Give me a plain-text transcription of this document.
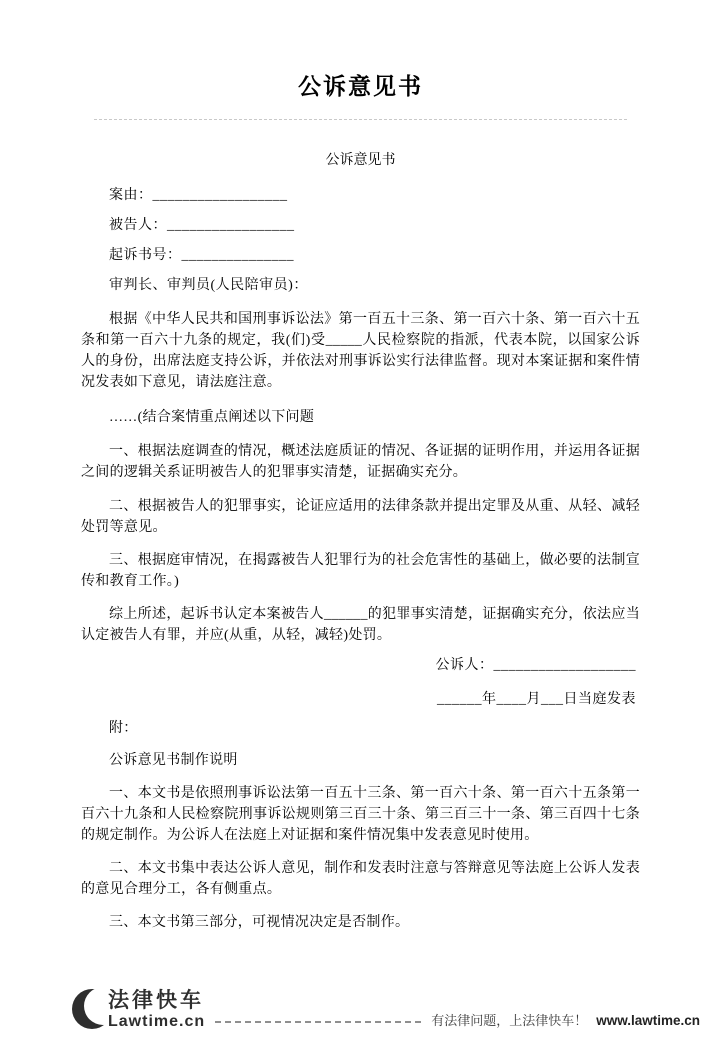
公诉意见书
公诉意见书
案由：__________________
被告人：_________________
起诉书号：_______________
审判长、审判员(人民陪审员)：

根据《中华人民共和国刑事诉讼法》第一百五十三条、第一百六十条、第一百六十五条和第一百六十九条的规定，我(们)受_____人民检察院的指派，代表本院，以国家公诉人的身份，出席法庭支持公诉，并依法对刑事诉讼实行法律监督。现对本案证据和案件情况发表如下意见，请法庭注意。

……(结合案情重点阐述以下问题

一、根据法庭调查的情况，概述法庭质证的情况、各证据的证明作用，并运用各证据之间的逻辑关系证明被告人的犯罪事实清楚，证据确实充分。

二、根据被告人的犯罪事实，论证应适用的法律条款并提出定罪及从重、从轻、减轻处罚等意见。

三、根据庭审情况，在揭露被告人犯罪行为的社会危害性的基础上，做必要的法制宣传和教育工作。)

综上所述，起诉书认定本案被告人______的犯罪事实清楚，证据确实充分，依法应当认定被告人有罪，并应(从重，从轻，减轻)处罚。

公诉人：___________________
______年____月___日当庭发表

附：

公诉意见书制作说明

一、本文书是依照刑事诉讼法第一百五十三条、第一百六十条、第一百六十五条第一百六十九条和人民检察院刑事诉讼规则第三百三十条、第三百三十一条、第三百四十七条的规定制作。为公诉人在法庭上对证据和案件情况集中发表意见时使用。

二、本文书集中表达公诉人意见，制作和发表时注意与答辩意见等法庭上公诉人发表的意见合理分工，各有侧重点。

三、本文书第三部分，可视情况决定是否制作。

法律快车
Lawtime.cn	有法律问题，上法律快车！ www.lawtime.cn
